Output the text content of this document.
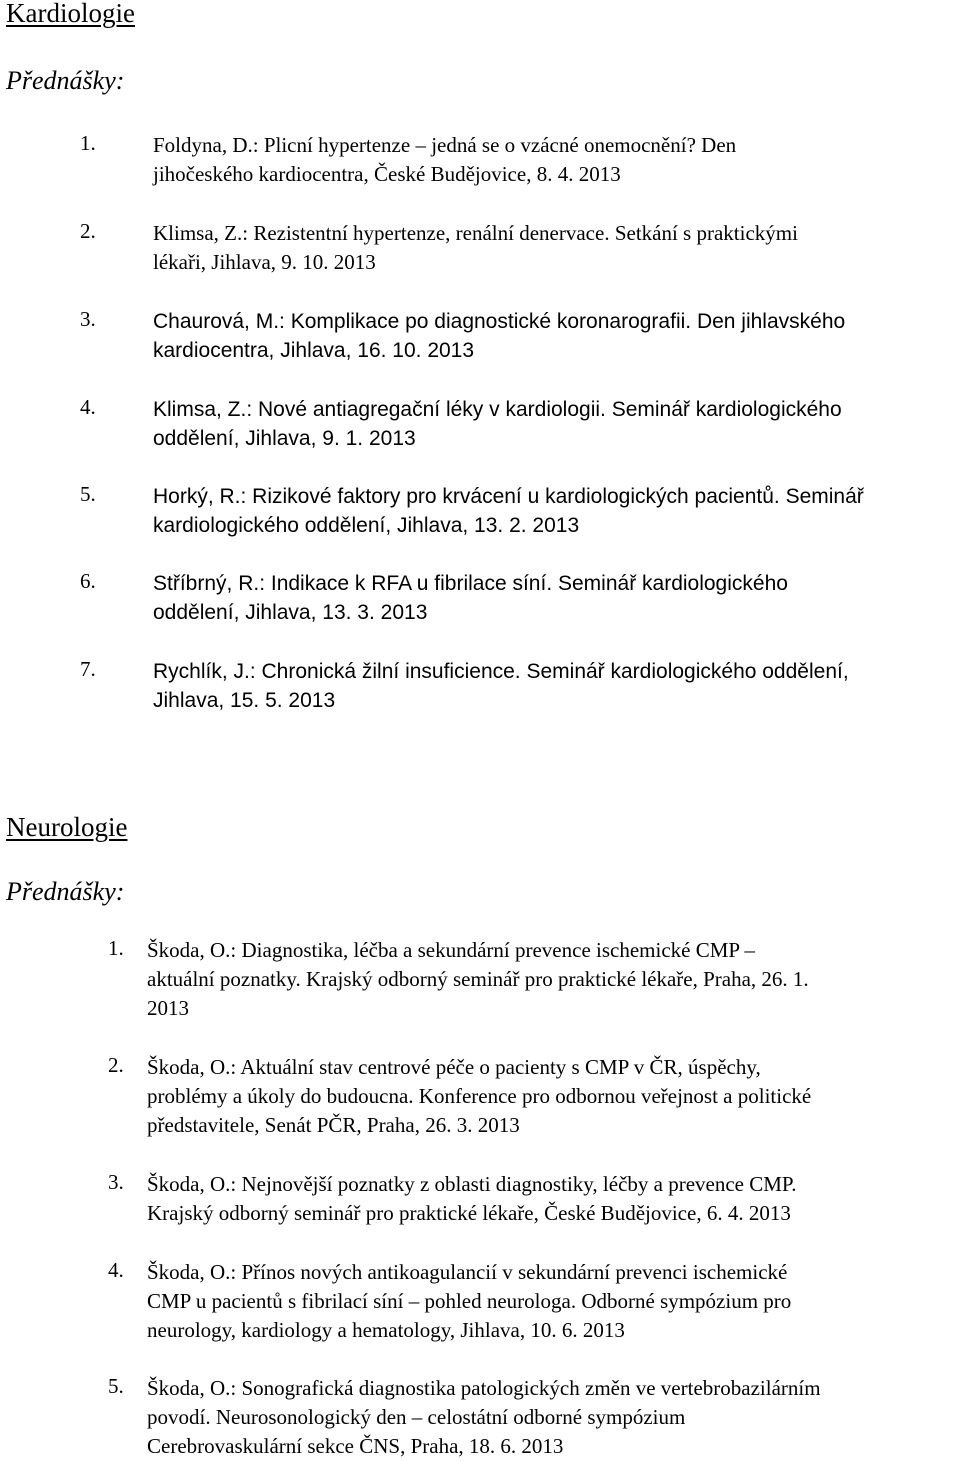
Kardiologie
Přednášky:
1.	Foldyna, D.: Plicní hypertenze – jedná se o vzácné onemocnění? Den
jihočeského kardiocentra, České Budějovice, 8. 4. 2013
2.	Klimsa, Z.: Rezistentní hypertenze, renální denervace. Setkání s praktickými
lékaři, Jihlava, 9. 10. 2013
3.	Chaurová, M.: Komplikace po diagnostické koronarografii. Den jihlavského
kardiocentra, Jihlava, 16. 10. 2013
4.	Klimsa, Z.: Nové antiagregační léky v kardiologii. Seminář kardiologického
oddělení, Jihlava, 9. 1. 2013
5.	Horký, R.: Rizikové faktory pro krvácení u kardiologických pacientů. Seminář
kardiologického oddělení, Jihlava, 13. 2. 2013
6.	Stříbrný, R.: Indikace k RFA u fibrilace síní. Seminář kardiologického
oddělení, Jihlava, 13. 3. 2013
7.	Rychlík, J.: Chronická žilní insuficience. Seminář kardiologického oddělení,
Jihlava, 15. 5. 2013
Neurologie
Přednášky:
1. Škoda, O.: Diagnostika, léčba a sekundární prevence ischemické CMP –
aktuální poznatky. Krajský odborný seminář pro praktické lékaře, Praha, 26. 1.
2013
2. Škoda, O.: Aktuální stav centrové péče o pacienty s CMP v ČR, úspěchy,
problémy a úkoly do budoucna. Konference pro odbornou veřejnost a politické
představitele, Senát PČR, Praha, 26. 3. 2013
3. Škoda, O.: Nejnovější poznatky z oblasti diagnostiky, léčby a prevence CMP.
Krajský odborný seminář pro praktické lékaře, České Budějovice, 6. 4. 2013
4. Škoda, O.: Přínos nových antikoagulancií v sekundární prevenci ischemické
CMP u pacientů s fibrilací síní – pohled neurologa. Odborné sympózium pro
neurology, kardiology a hematology, Jihlava, 10. 6. 2013
5. Škoda, O.: Sonografická diagnostika patologických změn ve vertebrobazilárním
povodí. Neurosonologický den – celostátní odborné sympózium
Cerebrovaskulární sekce ČNS, Praha, 18. 6. 2013
